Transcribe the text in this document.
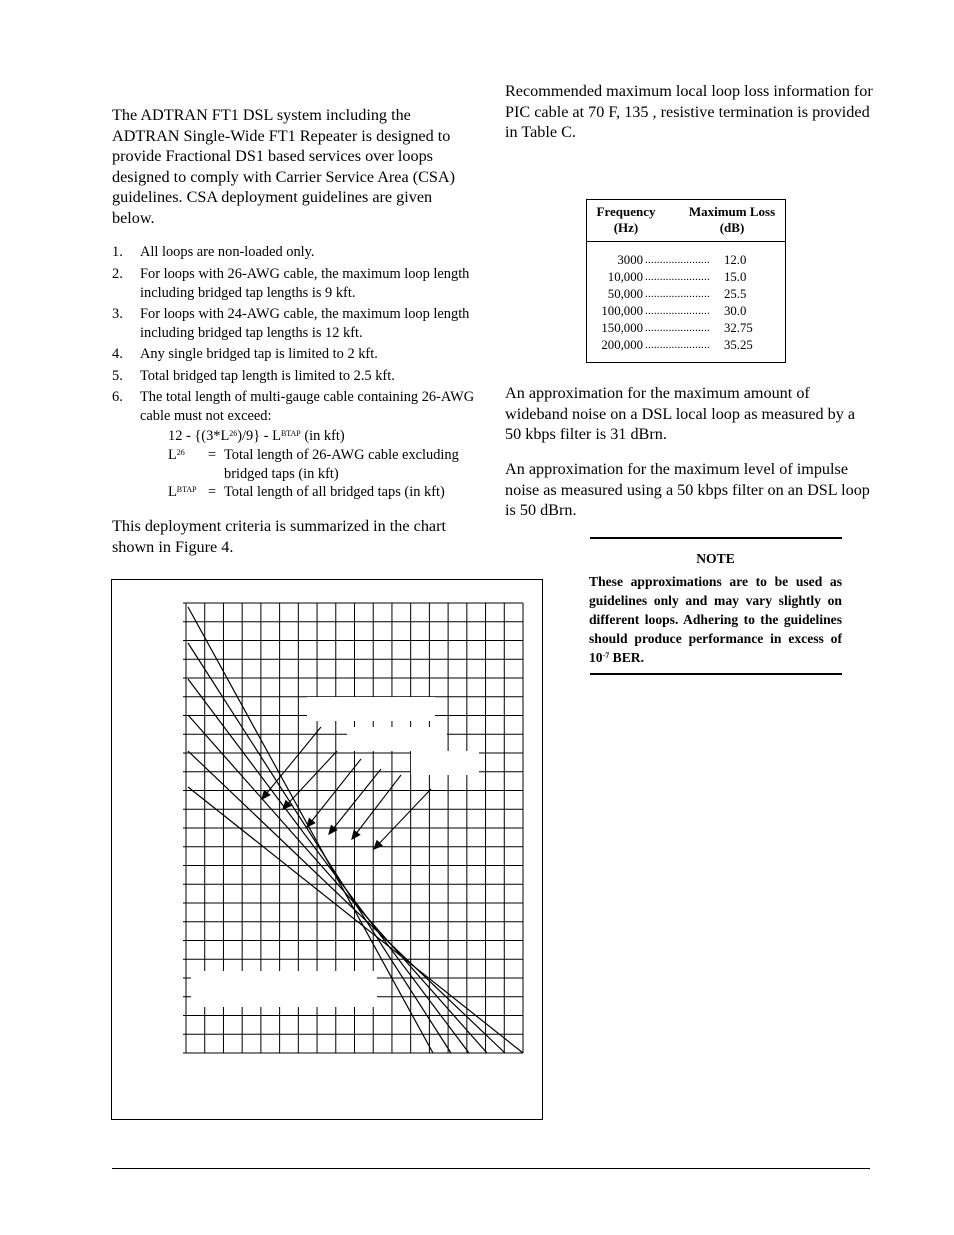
The ADTRAN FT1 DSL system including the ADTRAN Single-Wide FT1 Repeater is designed to provide Fractional DS1 based services over loops designed to comply with Carrier Service Area (CSA) guidelines. CSA deployment guidelines are given below.

1. All loops are non-loaded only.
2. For loops with 26-AWG cable, the maximum loop length including bridged tap lengths is 9 kft.
3. For loops with 24-AWG cable, the maximum loop length including bridged tap lengths is 12 kft.
4. Any single bridged tap is limited to 2 kft.
5. Total bridged tap length is limited to 2.5 kft.
6. The total length of multi-gauge cable containing 26-AWG cable must not exceed:
$12 - \{(3*L^{26})/9\} - L^{BTAP}$ (in kft)
$L^{26}$ = Total length of 26-AWG cable excluding
bridged taps (in kft)
$L^{BTAP}$ = Total length of all bridged taps (in kft)

This deployment criteria is summarized in the chart shown in Figure 4.

Recommended maximum local loop loss information for PIC cable at 70 F, 135 , resistive termination is provided in Table C.

Frequency
(Hz)
Maximum Loss
(dB)
3000 ...................... 12.0
10,000 ...................... 15.0
50,000 ...................... 25.5
100,000 ...................... 30.0
150,000 ...................... 32.75
200,000 ...................... 35.25

An approximation for the maximum amount of wideband noise on a DSL local loop as measured by a 50 kbps filter is 31 dBrn.

An approximation for the maximum level of impulse noise as measured using a 50 kbps filter on an DSL loop is 50 dBrn.

NOTE
These approximations are to be used as guidelines only and may vary slightly on different loops. Adhering to the guidelines should produce performance in excess of $10^{-7}$ BER.
